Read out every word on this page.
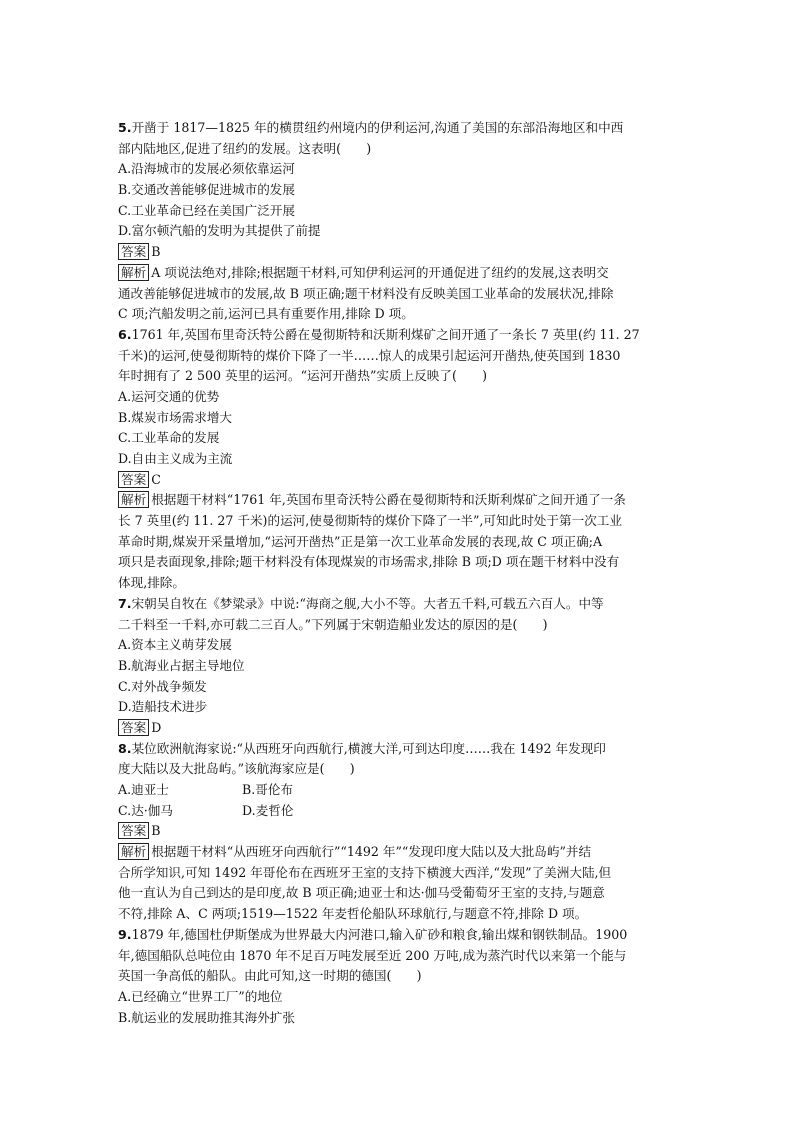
5.开凿于 1817—1825 年的横贯纽约州境内的伊利运河,沟通了美国的东部沿海地区和中西
部内陆地区,促进了纽约的发展。这表明(　　)
A.沿海城市的发展必须依靠运河
B.交通改善能够促进城市的发展
C.工业革命已经在美国广泛开展
D.富尔顿汽船的发明为其提供了前提
答案 B
解析 A 项说法绝对,排除;根据题干材料,可知伊利运河的开通促进了纽约的发展,这表明交
通改善能够促进城市的发展,故 B 项正确;题干材料没有反映美国工业革命的发展状况,排除
C 项;汽船发明之前,运河已具有重要作用,排除 D 项。
6.1761 年,英国布里奇沃特公爵在曼彻斯特和沃斯利煤矿之间开通了一条长 7 英里(约 11. 27
千米)的运河,使曼彻斯特的煤价下降了一半……惊人的成果引起运河开凿热,使英国到 1830
年时拥有了 2 500 英里的运河。“运河开凿热”实质上反映了(　　)
A.运河交通的优势
B.煤炭市场需求增大
C.工业革命的发展
D.自由主义成为主流
答案 C
解析 根据题干材料“1761 年,英国布里奇沃特公爵在曼彻斯特和沃斯利煤矿之间开通了一条
长 7 英里(约 11. 27 千米)的运河,使曼彻斯特的煤价下降了一半”,可知此时处于第一次工业
革命时期,煤炭开采量增加,“运河开凿热”正是第一次工业革命发展的表现,故 C 项正确;A
项只是表面现象,排除;题干材料没有体现煤炭的市场需求,排除 B 项;D 项在题干材料中没有
体现,排除。
7.宋朝吴自牧在《梦粱录》中说:“海商之舰,大小不等。大者五千料,可载五六百人。中等
二千料至一千料,亦可载二三百人。”下列属于宋朝造船业发达的原因的是(　　)
A.资本主义萌芽发展
B.航海业占据主导地位
C.对外战争频发
D.造船技术进步
答案 D
8.某位欧洲航海家说:“从西班牙向西航行,横渡大洋,可到达印度……我在 1492 年发现印
度大陆以及大批岛屿。”该航海家应是(　　)
A.迪亚士	B.哥伦布
C.达·伽马	D.麦哲伦
答案 B
解析 根据题干材料“从西班牙向西航行”“1492 年”“发现印度大陆以及大批岛屿”并结
合所学知识,可知 1492 年哥伦布在西班牙王室的支持下横渡大西洋,“发现”了美洲大陆,但
他一直认为自己到达的是印度,故 B 项正确;迪亚士和达·伽马受葡萄牙王室的支持,与题意
不符,排除 A、C 两项;1519—1522 年麦哲伦船队环球航行,与题意不符,排除 D 项。
9.1879 年,德国杜伊斯堡成为世界最大内河港口,输入矿砂和粮食,输出煤和钢铁制品。1900
年,德国船队总吨位由 1870 年不足百万吨发展至近 200 万吨,成为蒸汽时代以来第一个能与
英国一争高低的船队。由此可知,这一时期的德国(　　)
A.已经确立“世界工厂”的地位
B.航运业的发展助推其海外扩张
